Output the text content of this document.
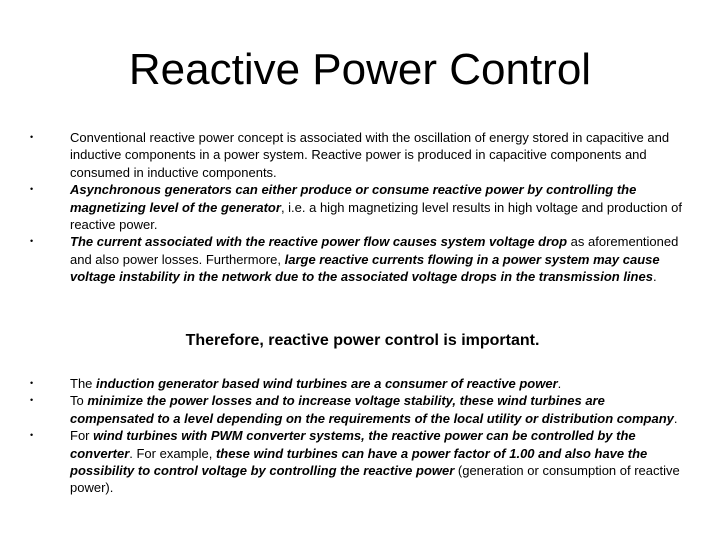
Reactive Power Control
•	Conventional reactive power concept is associated with the oscillation of energy stored in capacitive and inductive components in a power system. Reactive power is produced in capacitive components and consumed in inductive components.
•	Asynchronous generators can either produce or consume reactive power by controlling the magnetizing level of the generator, i.e. a high magnetizing level results in high voltage and production of reactive power.
•	The current associated with the reactive power flow causes system voltage drop as aforementioned and also power losses. Furthermore, large reactive currents flowing in a power system may cause voltage instability in the network due to the associated voltage drops in the transmission lines.
Therefore, reactive power control is important.
•	The induction generator based wind turbines are a consumer of reactive power.
•	To minimize the power losses and to increase voltage stability, these wind turbines are compensated to a level depending on the requirements of the local utility or distribution company.
•	For wind turbines with PWM converter systems, the reactive power can be controlled by the converter. For example, these wind turbines can have a power factor of 1.00 and also have the possibility to control voltage by controlling the reactive power (generation or consumption of reactive power).
